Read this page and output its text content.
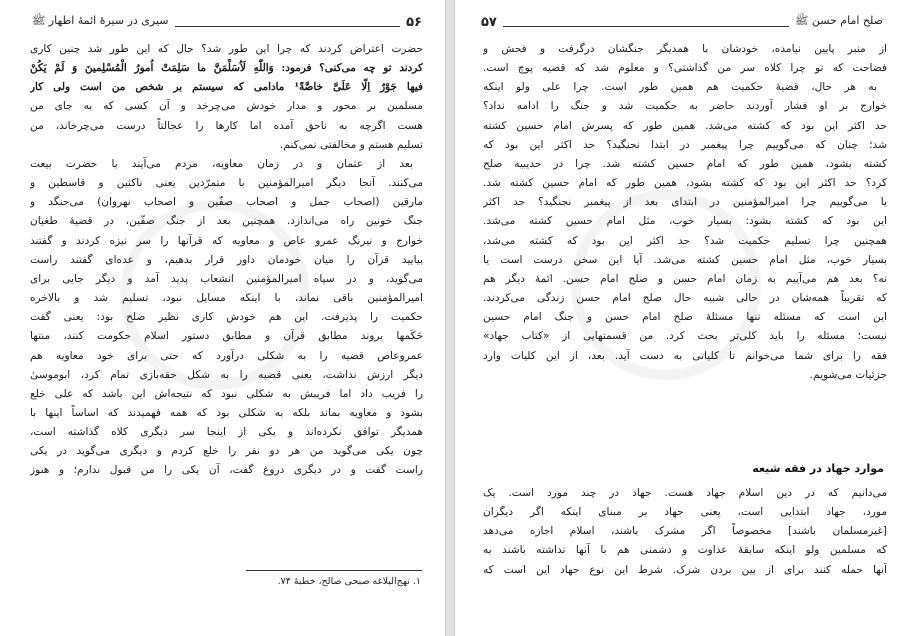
۵۶
سیری در سیرهٔ ائمهٔ اطهار ﷺ
حضرت اعتراض کردند که چرا این طور شد؟ حال که این طور شد چنین کاری
کردند تو چه می‌کنی؟ فرمود: وَاللّٰهِ لَاُسَلِّمَنَّ ما سَلِمَتْ اُمورُ الْمُسْلِمینَ وَ لَمْ یَکُنْ
فیها جَوْرٌ اِلّا عَلَیَّ خاصَّةً¹ مادامی که سیستم بر شخص من است ولی کار
مسلمین بر محور و مدار خودش می‌چرخد و آن کسی که به جای من
هست اگرچه به ناحق آمده اما کارها را عجالتاً درست می‌چرخاند، من
تسلیم هستم و مخالفتی نمی‌کنم.
بعد از عثمان و در زمان معاویه، مردم می‌آیند با حضرت بیعت
می‌کنند. آنجا دیگر امیرالمؤمنین با متمرّدین یعنی ناکثین و قاسطین و
مارقین (اصحاب جمل و اصحاب صفّین و اصحاب نهروان) می‌جنگد و
جنگ خونین راه می‌اندازد. همچنین بعد از جنگ صفّین، در قضیهٔ طغیان
خوارج و نیرنگ عمرو عاص و معاویه که قرآنها را سر نیزه کردند و گفتند
بیایید قرآن را میان خودمان داور قرار بدهیم، و عده‌ای گفتند راست
می‌گوید، و در سپاه امیرالمؤمنین انشعاب پدید آمد و دیگر جایی برای
امیرالمؤمنین باقی نماند، با اینکه مسایل نبود، تسلیم شد و بالاخره
حکمیت را پذیرفت. این هم خودش کاری نظیر صلح بود: یعنی گفت
حَکَمها بروند مطابق قرآن و مطابق دستور اسلام حکومت کنند، منتها
عمروعاص قضیه را به شکلی درآورد که حتی برای خود معاویه هم
دیگر ارزش نداشت، یعنی قضیه را به شکل حقه‌بازی تمام کرد، ابوموسیٰ
را فریب داد اما فریبش به شکلی نبود که نتیجه‌اش این باشد که علی خلع
بشود و معاویه بماند بلکه به شکلی بود که همه فهمیدند که اساساً اینها با
همدیگر توافق نکرده‌اند و یکی از اینجا سر دیگری کلاه گذاشته است،
چون یکی می‌گوید من هر دو نفر را خلع کردم و دیگری می‌گوید در یکی
راست گفت و در دیگری دروغ گفت، آن یکی را من قبول ندارم؛ و هنوز
۱. نهج‌البلاغه صبحی صالح، خطبهٔ ۷۴.
صلح امام حسن ﷺ
۵۷
از منبر پایین نیامده، خودشان با همدیگر جنگشان درگرفت و فحش و
فضاحت که تو چرا کلاه سر من گذاشتی؟ و معلوم شد که قضیه پوچ است.
به هر حال، قضیهٔ حکمیت هم همین طور است. چرا علی و‌لو اینکه
خوارج بر او فشار آوردند حاضر به حکمیت شد و جنگ را ادامه نداد؟
حد اکثر این بود که کشته می‌شد. همین طور که پسرش امام حسین کشته
شد؛ چنان که می‌گوییم چرا پیغمبر در ابتدا نجنگید؟ حد اکثر این بود که
کشته بشود، همین طور که امام حسین کشته شد. چرا در حدیبیه صلح
کرد؟ حد اکثر این بود که کشته بشود، همین طور که امام حسین کشته شد.
یا می‌گوییم چرا امیرالمؤمنین در ابتدای بعد از پیغمبر نجنگید؟ حد اکثر
این بود که کشته بشود: بسیار خوب، مثل امام حسین کشته می‌شد.
همچنین چرا تسلیم حکمیت شد؟ حد اکثر این بود که کشته می‌شد،
بسیار خوب، مثل امام حسین کشته می‌شد. آیا این سخن درست است یا
نه؟ بعد هم می‌آییم به زمان امام حسن و صلح امام حسن. ائمهٔ دیگر هم
که تقریباً همه‌شان در حالی شبیه حال صلح امام حسن زندگی می‌کردند.
این است که مسئله تنها مسئلهٔ صلح امام حسن و جنگ امام حسین
نیست؛ مسئله را باید کلی‌تر بحث کرد. من قسمتهایی از «کتاب جهاد»
فقه را برای شما می‌خوانم تا کلیاتی به دست آید. بعد، از این کلیات وارد
جزئیات می‌شویم.
موارد جهاد در فقه شیعه
می‌دانیم که در دین اسلام جهاد هست. جهاد در چند مورد است. یک
مورد، جهاد ابتدایی است، یعنی جهاد بر مبنای اینکه اگر دیگران
[غیرمسلمان باشند] مخصوصاً اگر مشرک باشند، اسلام اجازه می‌دهد
که مسلمین و‌لو اینکه سابقهٔ عداوت و دشمنی هم با آنها نداشته باشند به
آنها حمله کنند برای از بین بردن شرک. شرط این نوع جهاد این است که
